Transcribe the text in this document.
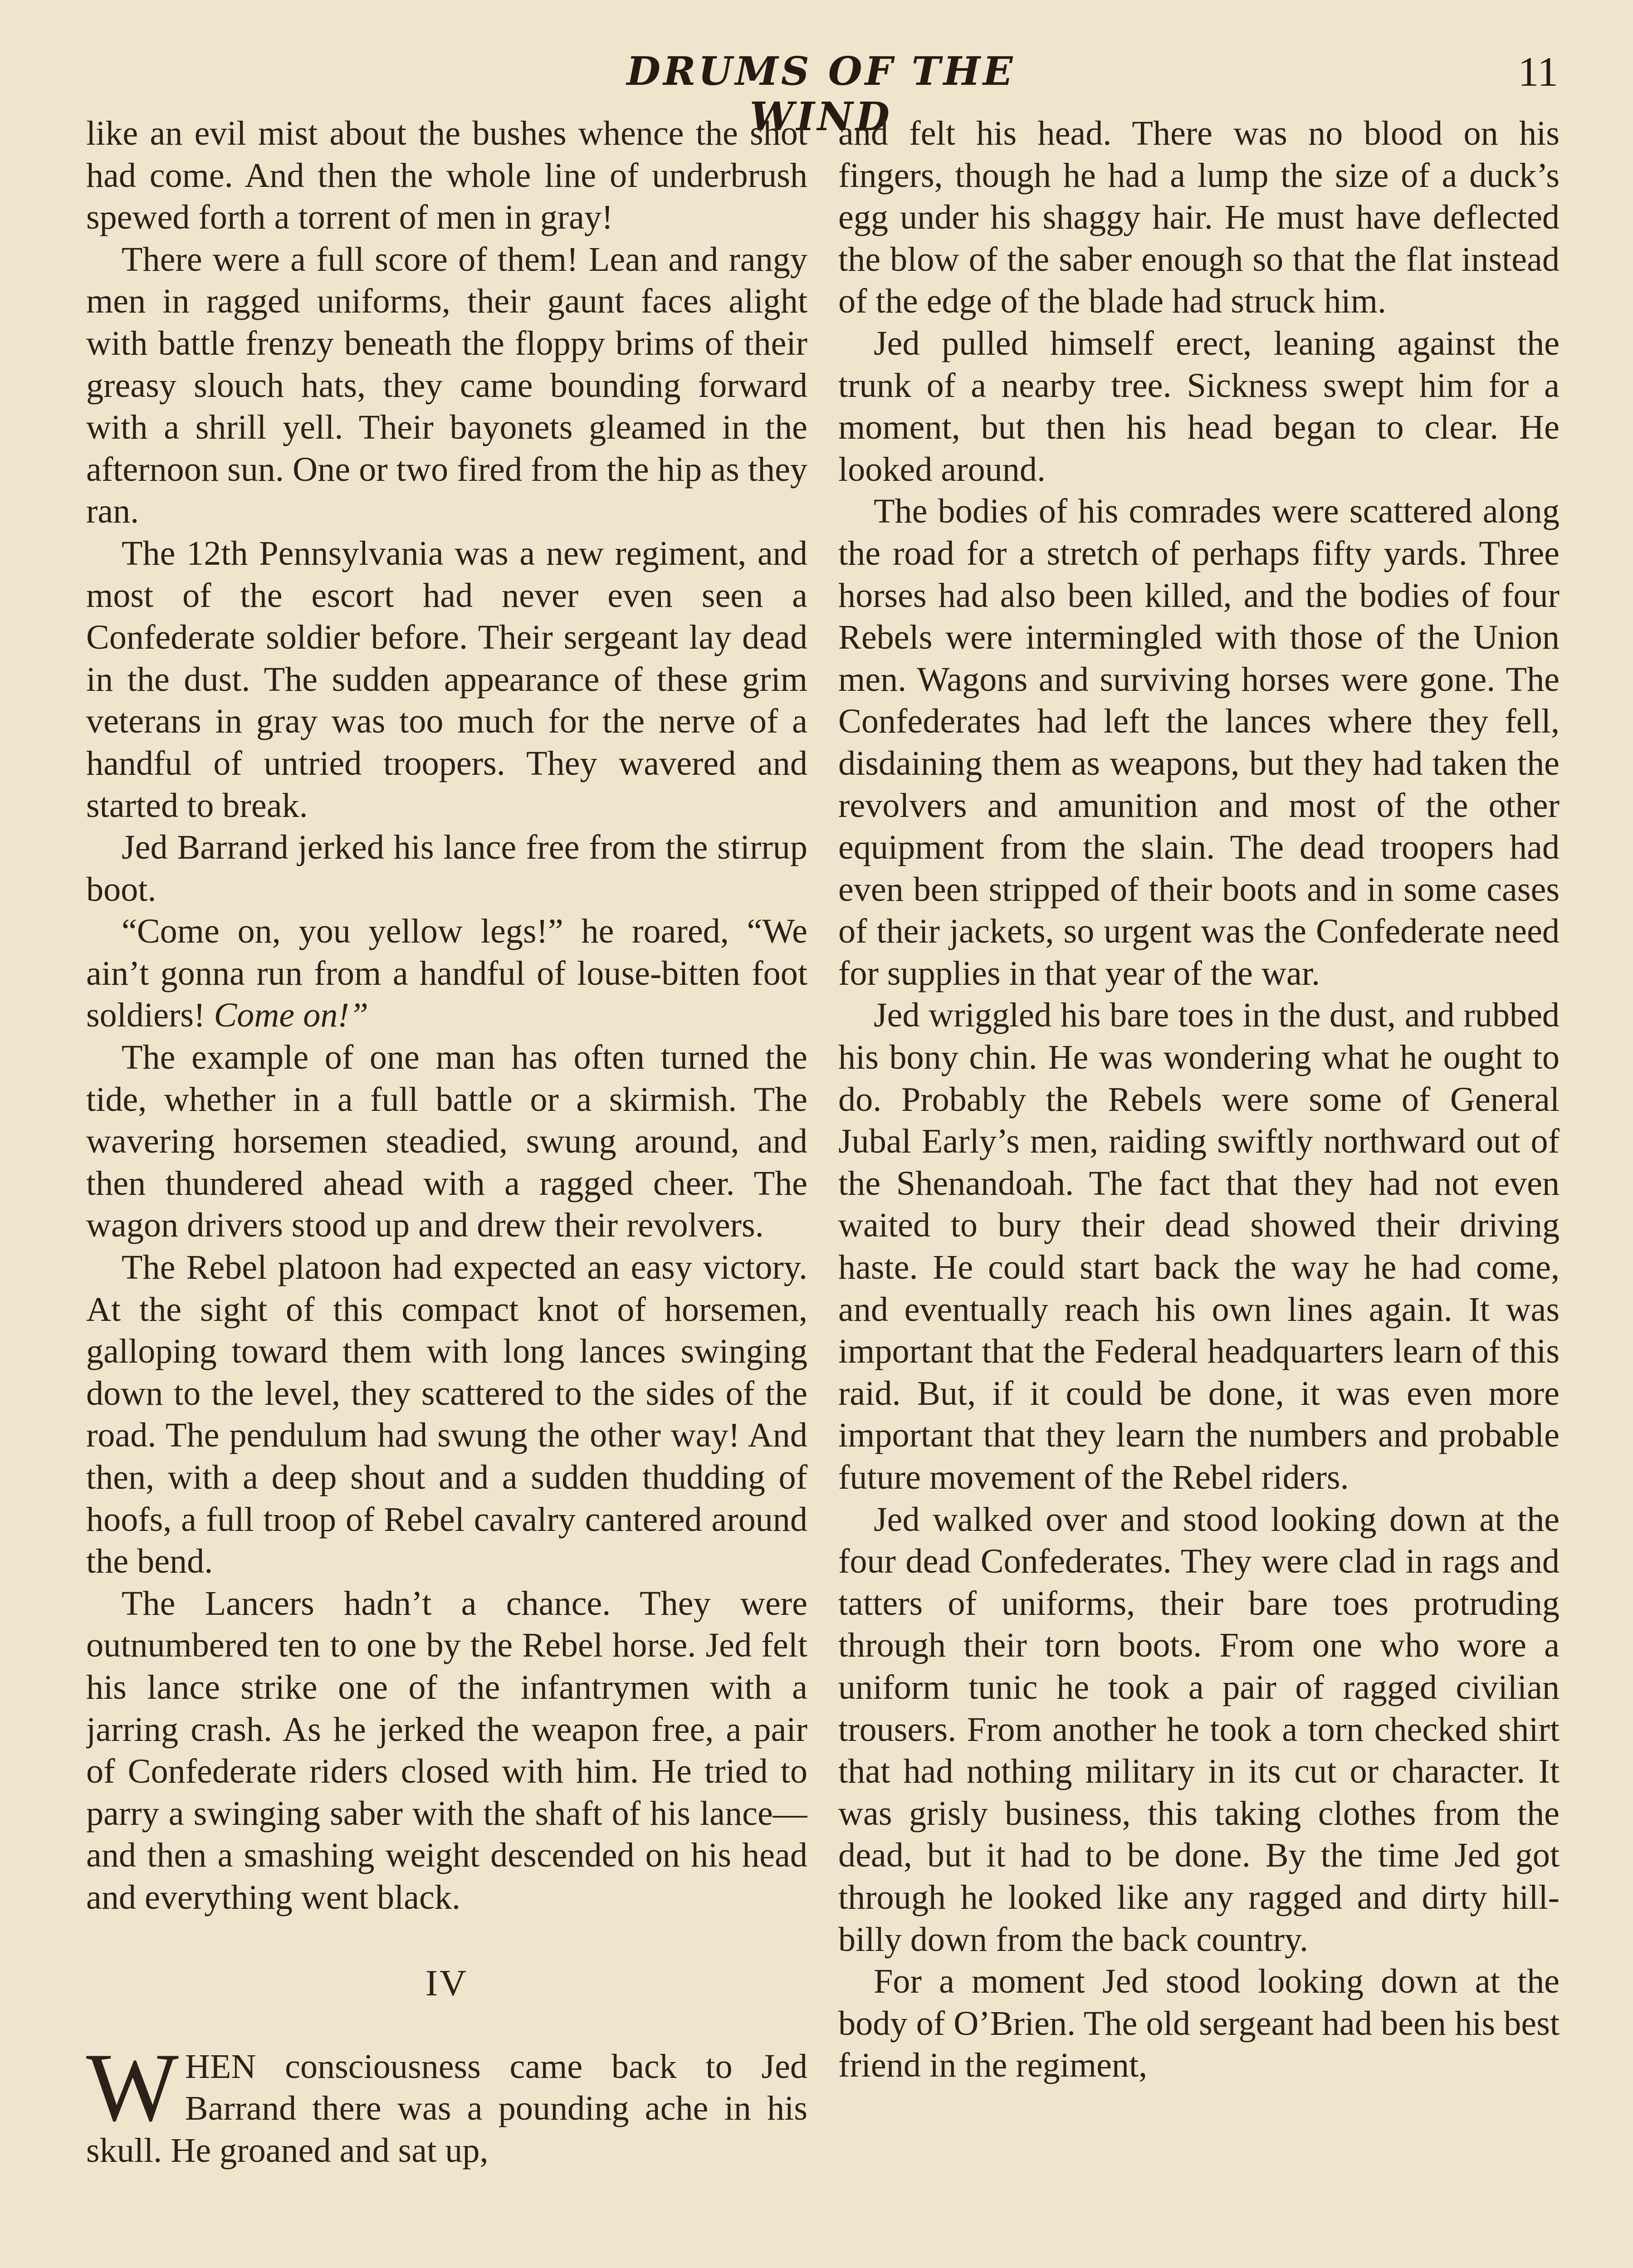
DRUMS OF THE WIND
11

like an evil mist about the bushes whence the shot had come. And then the whole line of underbrush spewed forth a torrent of men in gray!

There were a full score of them! Lean and rangy men in ragged uniforms, their gaunt faces alight with battle frenzy beneath the floppy brims of their greasy slouch hats, they came bounding forward with a shrill yell. Their bayonets gleamed in the afternoon sun. One or two fired from the hip as they ran.

The 12th Pennsylvania was a new regiment, and most of the escort had never even seen a Confederate soldier before. Their sergeant lay dead in the dust. The sudden appearance of these grim veterans in gray was too much for the nerve of a handful of untried troopers. They wavered and started to break.

Jed Barrand jerked his lance free from the stirrup boot.

“Come on, you yellow legs!” he roared, “We ain’t gonna run from a handful of louse-bitten foot soldiers! Come on!”

The example of one man has often turned the tide, whether in a full battle or a skirmish. The wavering horsemen steadied, swung around, and then thundered ahead with a ragged cheer. The wagon drivers stood up and drew their revolvers.

The Rebel platoon had expected an easy victory. At the sight of this compact knot of horsemen, galloping toward them with long lances swinging down to the level, they scattered to the sides of the road. The pendulum had swung the other way! And then, with a deep shout and a sudden thudding of hoofs, a full troop of Rebel cavalry cantered around the bend.

The Lancers hadn’t a chance. They were outnumbered ten to one by the Rebel horse. Jed felt his lance strike one of the infantrymen with a jarring crash. As he jerked the weapon free, a pair of Confederate riders closed with him. He tried to parry a swinging saber with the shaft of his lance—and then a smashing weight descended on his head and everything went black.

IV

WHEN consciousness came back to Jed Barrand there was a pounding ache in his skull. He groaned and sat up,

and felt his head. There was no blood on his fingers, though he had a lump the size of a duck’s egg under his shaggy hair. He must have deflected the blow of the saber enough so that the flat instead of the edge of the blade had struck him.

Jed pulled himself erect, leaning against the trunk of a nearby tree. Sickness swept him for a moment, but then his head began to clear. He looked around.

The bodies of his comrades were scattered along the road for a stretch of perhaps fifty yards. Three horses had also been killed, and the bodies of four Rebels were intermingled with those of the Union men. Wagons and surviving horses were gone. The Confederates had left the lances where they fell, disdaining them as weapons, but they had taken the revolvers and amunition and most of the other equipment from the slain. The dead troopers had even been stripped of their boots and in some cases of their jackets, so urgent was the Confederate need for supplies in that year of the war.

Jed wriggled his bare toes in the dust, and rubbed his bony chin. He was wondering what he ought to do. Probably the Rebels were some of General Jubal Early’s men, raiding swiftly northward out of the Shenandoah. The fact that they had not even waited to bury their dead showed their driving haste. He could start back the way he had come, and eventually reach his own lines again. It was important that the Federal headquarters learn of this raid. But, if it could be done, it was even more important that they learn the numbers and probable future movement of the Rebel riders.

Jed walked over and stood looking down at the four dead Confederates. They were clad in rags and tatters of uniforms, their bare toes protruding through their torn boots. From one who wore a uniform tunic he took a pair of ragged civilian trousers. From another he took a torn checked shirt that had nothing military in its cut or character. It was grisly business, this taking clothes from the dead, but it had to be done. By the time Jed got through he looked like any ragged and dirty hill-billy down from the back country.

For a moment Jed stood looking down at the body of O’Brien. The old sergeant had been his best friend in the regiment,
